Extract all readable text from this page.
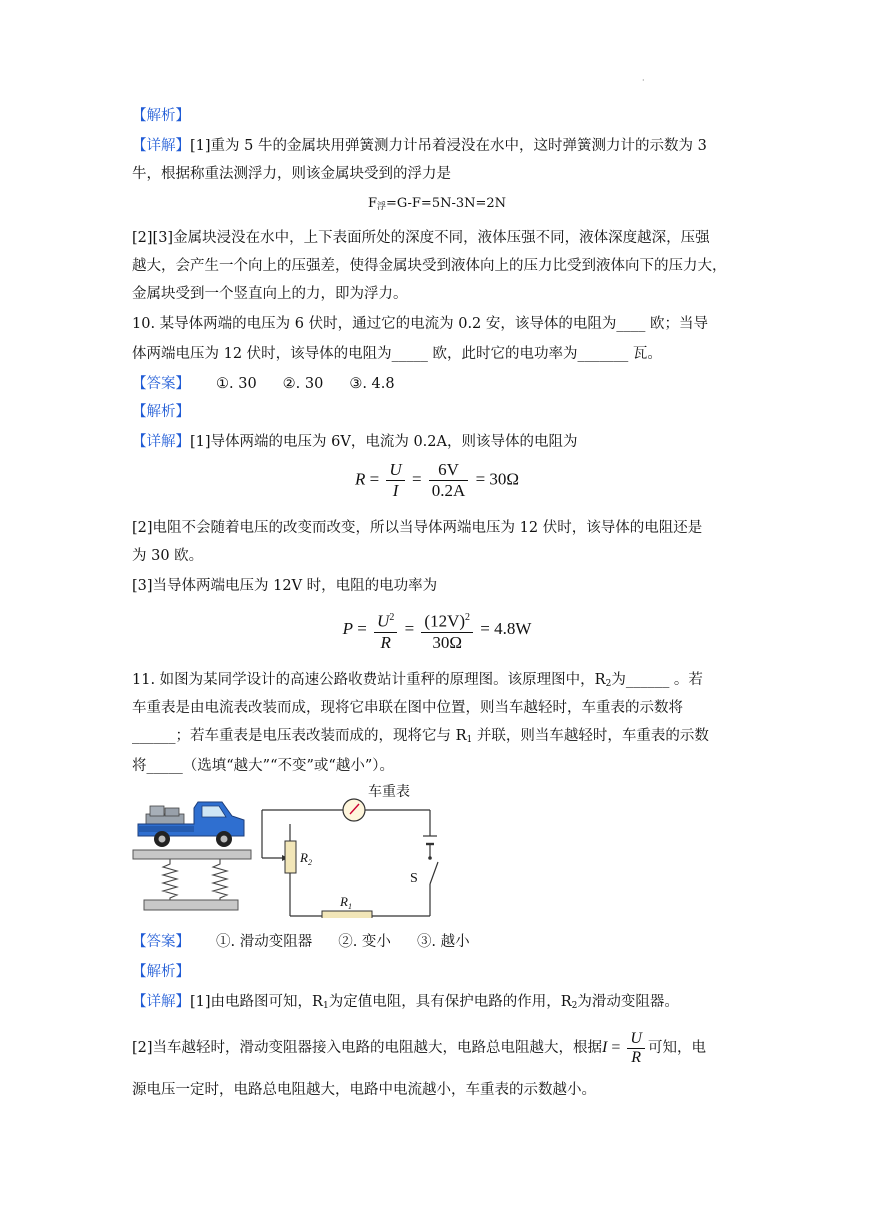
·
【解析】
【详解】[1]重为 5 牛的金属块用弹簧测力计吊着浸没在水中，这时弹簧测力计的示数为 3
牛，根据称重法测浮力，则该金属块受到的浮力是
$F_浮=G-F=5N-3N=2N$
[2][3]金属块浸没在水中，上下表面所处的深度不同，液体压强不同，液体深度越深，压强
越大，会产生一个向上的压强差，使得金属块受到液体向上的压力比受到液体向下的压力大，
金属块受到一个竖直向上的力，即为浮力。
10. 某导体两端的电压为 6 伏时，通过它的电流为 0.2 安，该导体的电阻为____ 欧；当导
体两端电压为 12 伏时，该导体的电阻为_____ 欧，此时它的电功率为_______ 瓦。
【答案】 ①. 30 ②. 30 ③. 4.8
【解析】
【详解】[1]导体两端的电压为 6V，电流为 0.2A，则该导体的电阻为
$R = \frac{U}{I} = \frac{6V}{0.2A} = 30\Omega$
[2]电阻不会随着电压的改变而改变，所以当导体两端电压为 12 伏时，该导体的电阻还是
为 30 欧。
[3]当导体两端电压为 12V 时，电阻的电功率为
$P = \frac{U^2}{R} = \frac{(12V)^2}{30\Omega} = 4.8W$
11. 如图为某同学设计的高速公路收费站计重秤的原理图。该原理图中，$R_2$为______ 。若
车重表是由电流表改装而成，现将它串联在图中位置，则当车越轻时，车重表的示数将
______；若车重表是电压表改装而成的，现将它与 $R_1$ 并联，则当车越轻时，车重表的示数
将_____（选填“越大”“不变”或“越小”）。
车重表
$R_2$
$R_1$
S
【答案】 ①. 滑动变阻器 ②. 变小 ③. 越小
【解析】
【详解】[1]由电路图可知，$R_1$为定值电阻，具有保护电路的作用，$R_2$为滑动变阻器。
[2]当车越轻时，滑动变阻器接入电路的电阻越大，电路总电阻越大，根据$I = \frac{U}{R}$ 可知，电
源电压一定时，电路总电阻越大，电路中电流越小，车重表的示数越小。
